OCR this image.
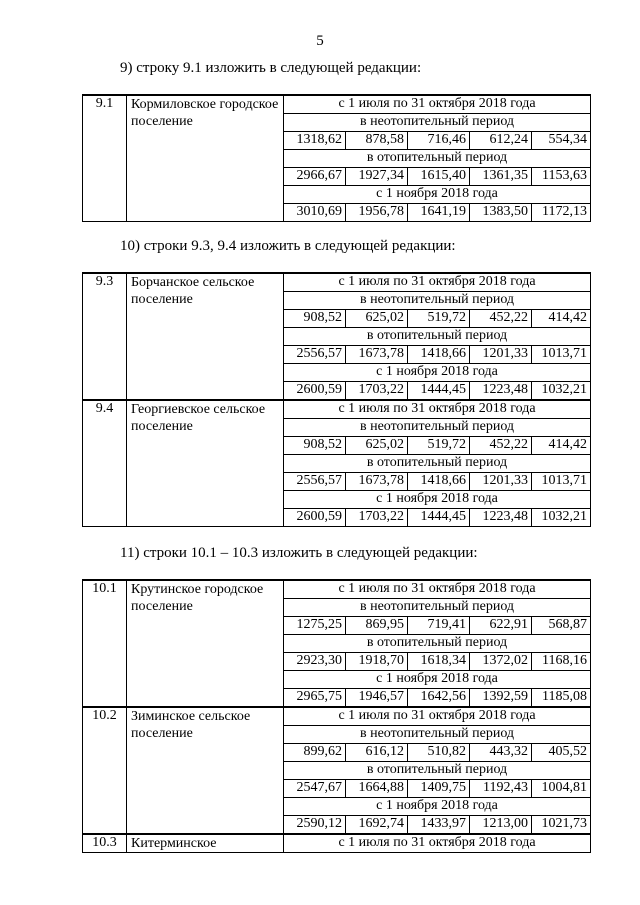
5
9) строку 9.1 изложить в следующей редакции:
9.1	Кормиловское городское поселение	с 1 июля по 31 октября 2018 года				
		в неотопительный период				
		1318,62	878,58	716,46	612,24	554,34
		в отопительный период				
		2966,67	1927,34	1615,40	1361,35	1153,63
		с 1 ноября 2018 года				
		3010,69	1956,78	1641,19	1383,50	1172,13
10) строки 9.3, 9.4 изложить в следующей редакции:
9.3	Борчанское сельское поселение	с 1 июля по 31 октября 2018 года				
		в неотопительный период				
		908,52	625,02	519,72	452,22	414,42
		в отопительный период				
		2556,57	1673,78	1418,66	1201,33	1013,71
		с 1 ноября 2018 года				
		2600,59	1703,22	1444,45	1223,48	1032,21
9.4	Георгиевское сельское поселение	с 1 июля по 31 октября 2018 года				
		в неотопительный период				
		908,52	625,02	519,72	452,22	414,42
		в отопительный период				
		2556,57	1673,78	1418,66	1201,33	1013,71
		с 1 ноября 2018 года				
		2600,59	1703,22	1444,45	1223,48	1032,21
11) строки 10.1 – 10.3 изложить в следующей редакции:
10.1	Крутинское городское поселение	с 1 июля по 31 октября 2018 года				
		в неотопительный период				
		1275,25	869,95	719,41	622,91	568,87
		в отопительный период				
		2923,30	1918,70	1618,34	1372,02	1168,16
		с 1 ноября 2018 года				
		2965,75	1946,57	1642,56	1392,59	1185,08
10.2	Зиминское сельское поселение	с 1 июля по 31 октября 2018 года				
		в неотопительный период				
		899,62	616,12	510,82	443,32	405,52
		в отопительный период				
		2547,67	1664,88	1409,75	1192,43	1004,81
		с 1 ноября 2018 года				
		2590,12	1692,74	1433,97	1213,00	1021,73
10.3	Китерминское	с 1 июля по 31 октября 2018 года				
